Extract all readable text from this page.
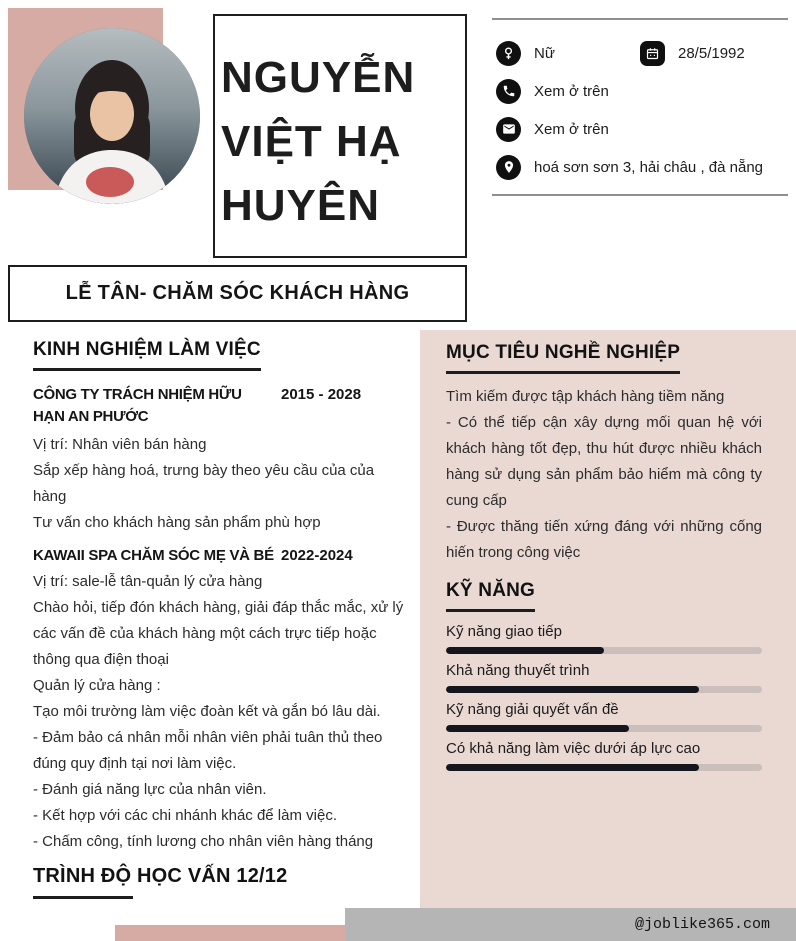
NGUYỄN
VIỆT HẠ
HUYÊN
LỄ TÂN- CHĂM SÓC KHÁCH HÀNG
Nữ	28/5/1992
Xem ở trên
Xem ở trên
hoá sơn sơn 3, hải châu , đà nẵng
KINH NGHIỆM LÀM VIỆC
CÔNG TY TRÁCH NHIỆM HỮU HẠN AN PHƯỚC
2015 - 2028
Vị trí: Nhân viên bán hàng
Sắp xếp hàng hoá, trưng bày theo yêu cầu của của hàng
Tư vấn cho khách hàng sản phẩm phù hợp
KAWAII SPA CHĂM SÓC MẸ VÀ BÉ 2022-2024
Vị trí: sale-lễ tân-quản lý cửa hàng
Chào hỏi, tiếp đón khách hàng, giải đáp thắc mắc, xử lý các vấn đề của khách hàng một cách trực tiếp hoặc thông qua điện thoại
Quản lý cửa hàng :
Tạo môi trường làm việc đoàn kết và gắn bó lâu dài.
- Đảm bảo cá nhân mỗi nhân viên phải tuân thủ theo đúng quy định tại nơi làm việc.
- Đánh giá năng lực của nhân viên.
- Kết hợp với các chi nhánh khác để làm việc.
- Chấm công, tính lương cho nhân viên hàng tháng
TRÌNH ĐỘ HỌC VẤN 12/12
MỤC TIÊU NGHỀ NGHIỆP
Tìm kiếm được tập khách hàng tiềm năng
- Có thể tiếp cận xây dựng mối quan hệ với khách hàng tốt đẹp, thu hút được nhiều khách hàng sử dụng sản phẩm bảo hiểm mà công ty cung cấp
- Được thăng tiến xứng đáng với những cống hiến trong công việc
KỸ NĂNG
Kỹ năng giao tiếp
Khả năng thuyết trình
Kỹ năng giải quyết vấn đề
Có khả năng làm việc dưới áp lực cao
@joblike365.com
